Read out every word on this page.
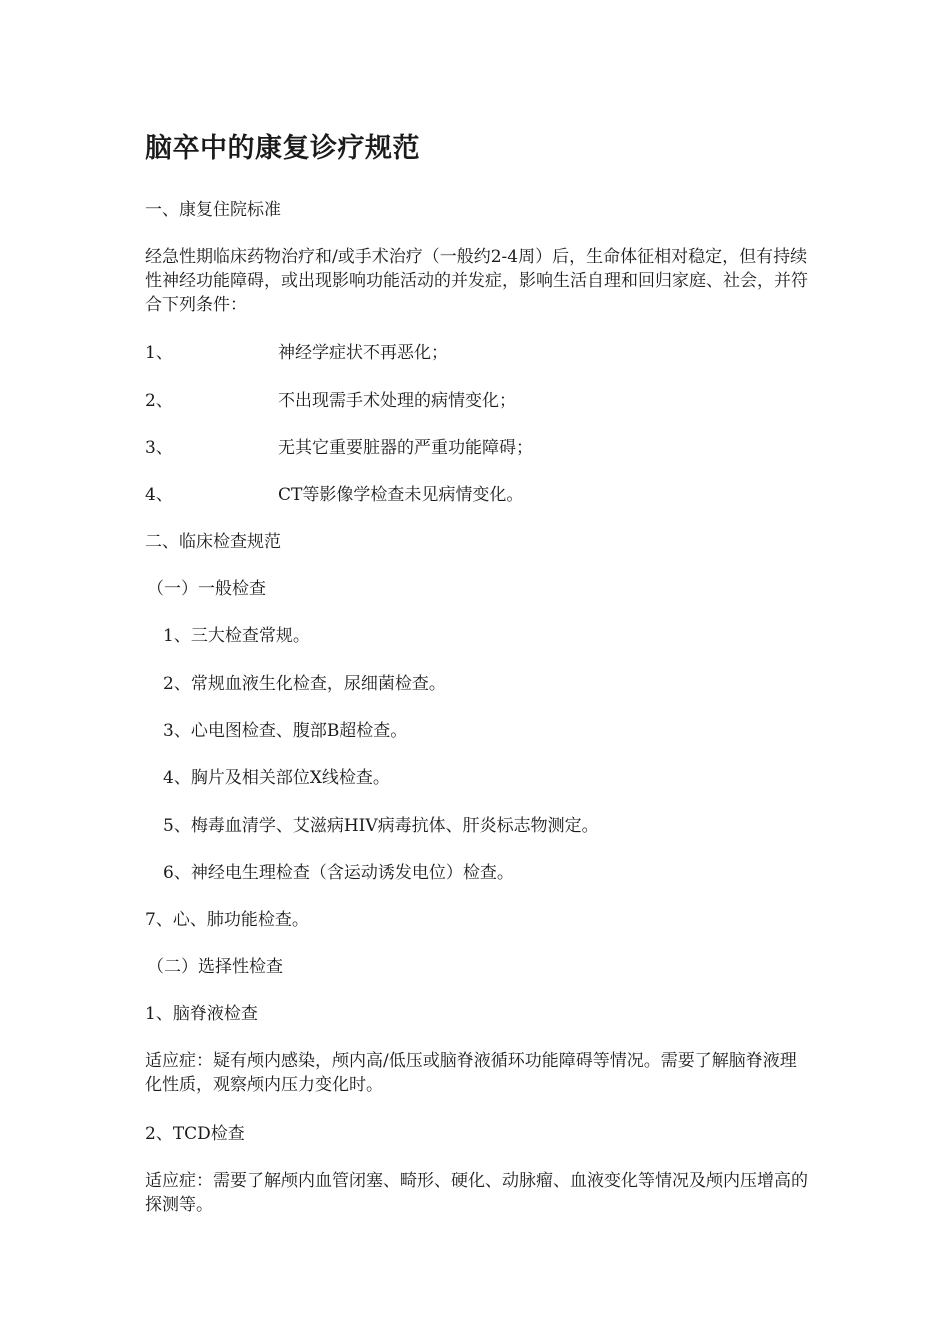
脑卒中的康复诊疗规范

一、康复住院标准

经急性期临床药物治疗和/或手术治疗（一般约2-4周）后，生命体征相对稳定，但有持续性神经功能障碍，或出现影响功能活动的并发症，影响生活自理和回归家庭、社会，并符合下列条件：

1、	神经学症状不再恶化；

2、	不出现需手术处理的病情变化；

3、	无其它重要脏器的严重功能障碍；

4、	CT等影像学检查未见病情变化。

二、临床检查规范

（一）一般检查

1、三大检查常规。

2、常规血液生化检查，尿细菌检查。

3、心电图检查、腹部B超检查。

4、胸片及相关部位X线检查。

5、梅毒血清学、艾滋病HIV病毒抗体、肝炎标志物测定。

6、神经电生理检查（含运动诱发电位）检查。

7、心、肺功能检查。

（二）选择性检查

1、脑脊液检查

适应症：疑有颅内感染，颅内高/低压或脑脊液循环功能障碍等情况。需要了解脑脊液理化性质，观察颅内压力变化时。

2、TCD检查

适应症：需要了解颅内血管闭塞、畸形、硬化、动脉瘤、血液变化等情况及颅内压增高的探测等。
